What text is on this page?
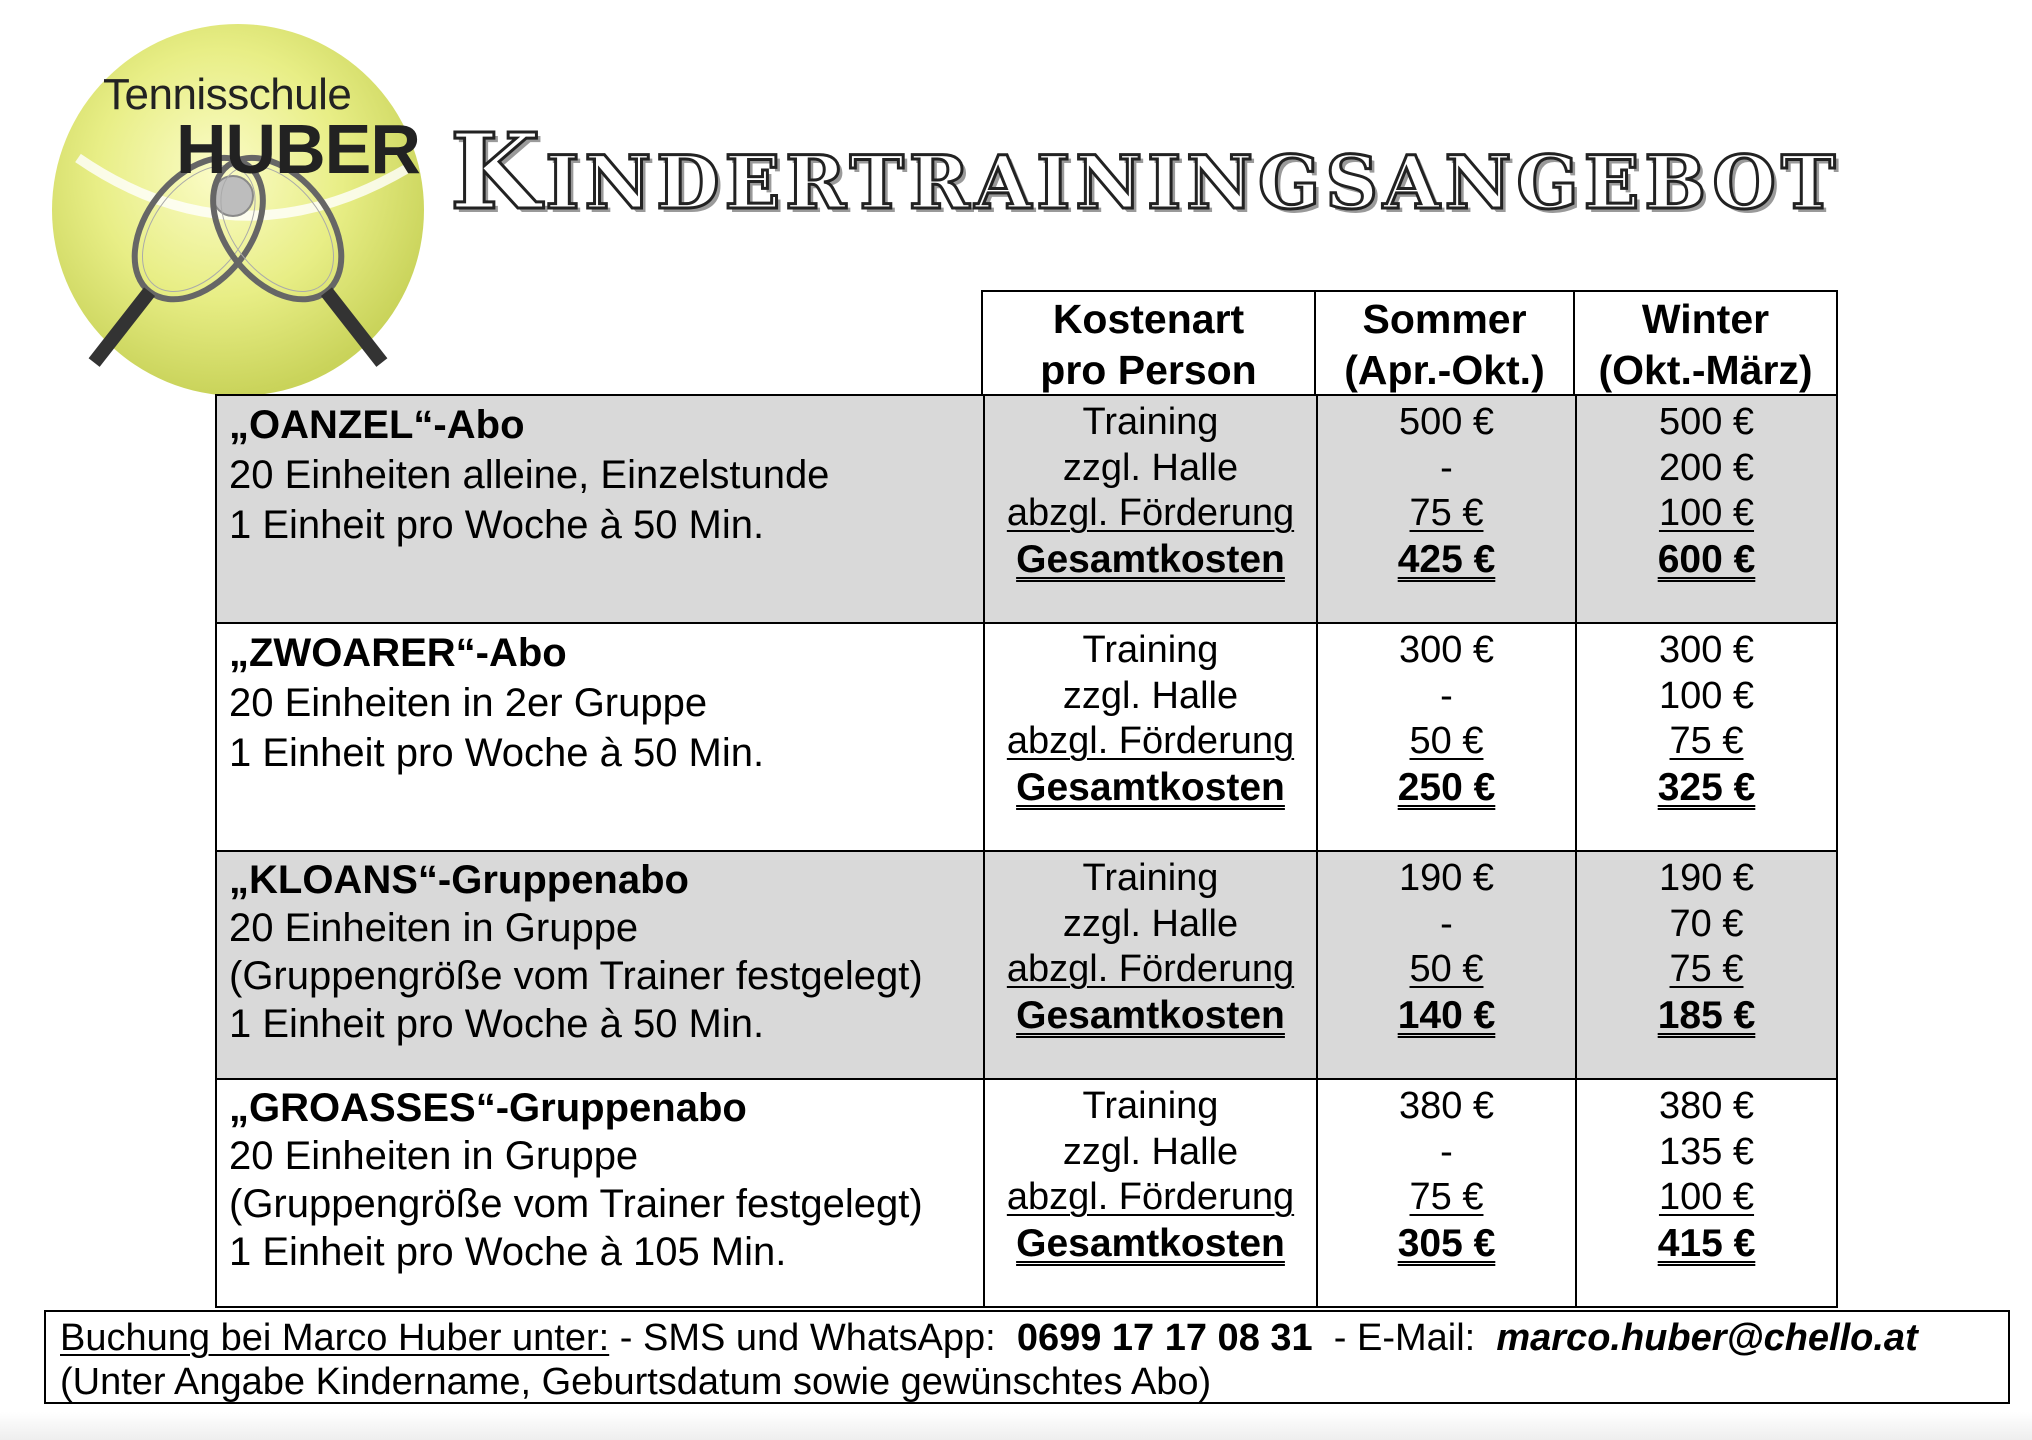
Tennisschule
HUBER Kindertrainingsangebot
Kostenart
pro Person
Sommer
(Apr.-Okt.)
Winter
(Okt.-März)
„OANZEL“-Abo
20 Einheiten alleine, Einzelstunde
1 Einheit pro Woche à 50 Min.
Training
zzgl. Halle
abzgl. Förderung
Gesamtkosten
500 €
-
75 €
425 €
500 €
200 €
100 €
600 €
„ZWOARER“-Abo
20 Einheiten in 2er Gruppe
1 Einheit pro Woche à 50 Min.
Training
zzgl. Halle
abzgl. Förderung
Gesamtkosten
300 €
-
50 €
250 €
300 €
100 €
75 €
325 €
„KLOANS“-Gruppenabo
20 Einheiten in Gruppe
(Gruppengröße vom Trainer festgelegt)
1 Einheit pro Woche à 50 Min.
Training
zzgl. Halle
abzgl. Förderung
Gesamtkosten
190 €
-
50 €
140 €
190 €
70 €
75 €
185 €
„GROASSES“-Gruppenabo
20 Einheiten in Gruppe
(Gruppengröße vom Trainer festgelegt)
1 Einheit pro Woche à 105 Min.
Training
zzgl. Halle
abzgl. Förderung
Gesamtkosten
380 €
-
75 €
305 €
380 €
135 €
100 €
415 €
Buchung bei Marco Huber unter: - SMS und WhatsApp:  0699 17 17 08 31  - E-Mail:  marco.huber@chello.at
(Unter Angabe Kindername, Geburtsdatum sowie gewünschtes Abo)
